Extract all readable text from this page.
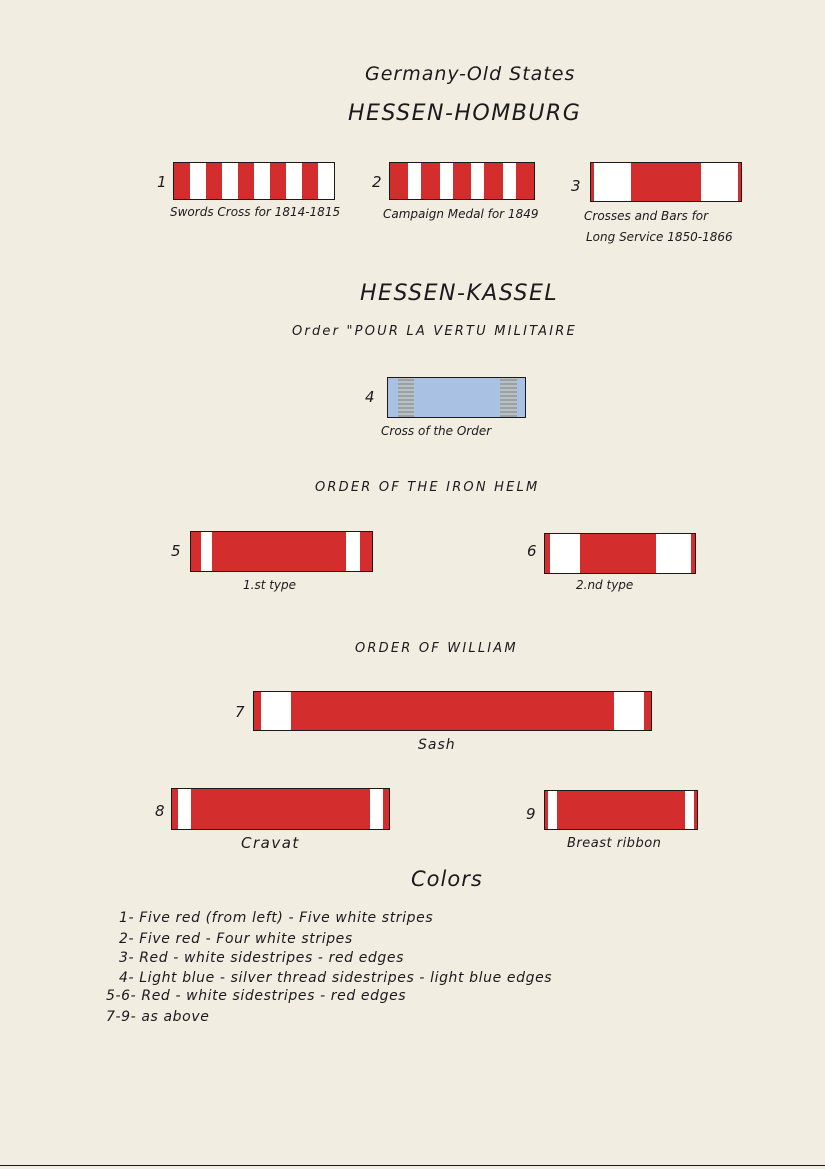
Germany-Old States
HESSEN-HOMBURG
1
Swords Cross for 1814-1815
2
Campaign Medal for 1849
3
Crosses and Bars for
Long Service 1850-1866
HESSEN-KASSEL
Order "POUR LA VERTU MILITAIRE
4
Cross of the Order
ORDER OF THE IRON HELM
5
1.st type
6
2.nd type
ORDER OF WILLIAM
7
Sash
8
Cravat
9
Breast ribbon
Colors
1- Five red (from left) - Five white stripes
2- Five red - Four white stripes
3- Red - white sidestripes - red edges
4- Light blue - silver thread sidestripes - light blue edges
5-6- Red - white sidestripes - red edges
7-9- as above
